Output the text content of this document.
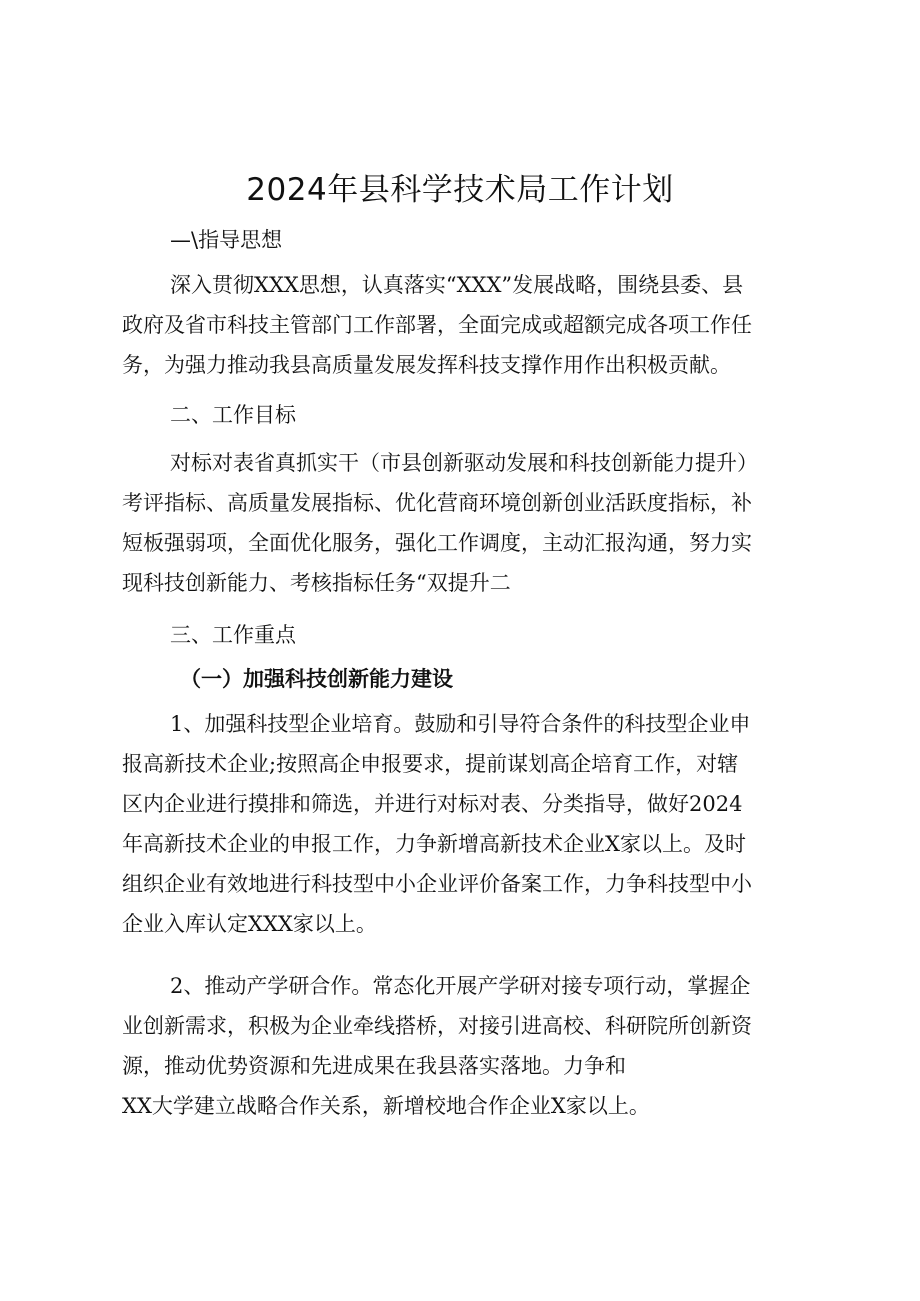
2024年县科学技术局工作计划
—\指导思想
深入贯彻XXX思想，认真落实“XXX”发展战略，围绕县委、县
政府及省市科技主管部门工作部署，全面完成或超额完成各项工作任
务，为强力推动我县高质量发展发挥科技支撑作用作出积极贡献。
二、工作目标
对标对表省真抓实干（市县创新驱动发展和科技创新能力提升）
考评指标、高质量发展指标、优化营商环境创新创业活跃度指标，补
短板强弱项，全面优化服务，强化工作调度，主动汇报沟通，努力实
现科技创新能力、考核指标任务“双提升二
三、工作重点
（一）加强科技创新能力建设
1、加强科技型企业培育。鼓励和引导符合条件的科技型企业申
报高新技术企业;按照高企申报要求，提前谋划高企培育工作，对辖
区内企业进行摸排和筛选，并进行对标对表、分类指导，做好2024
年高新技术企业的申报工作，力争新增高新技术企业X家以上。及时
组织企业有效地进行科技型中小企业评价备案工作，力争科技型中小
企业入库认定XXX家以上。
2、推动产学研合作。常态化开展产学研对接专项行动，掌握企
业创新需求，积极为企业牵线搭桥，对接引进高校、科研院所创新资
源，推动优势资源和先进成果在我县落实落地。力争和
XX大学建立战略合作关系，新增校地合作企业X家以上。
